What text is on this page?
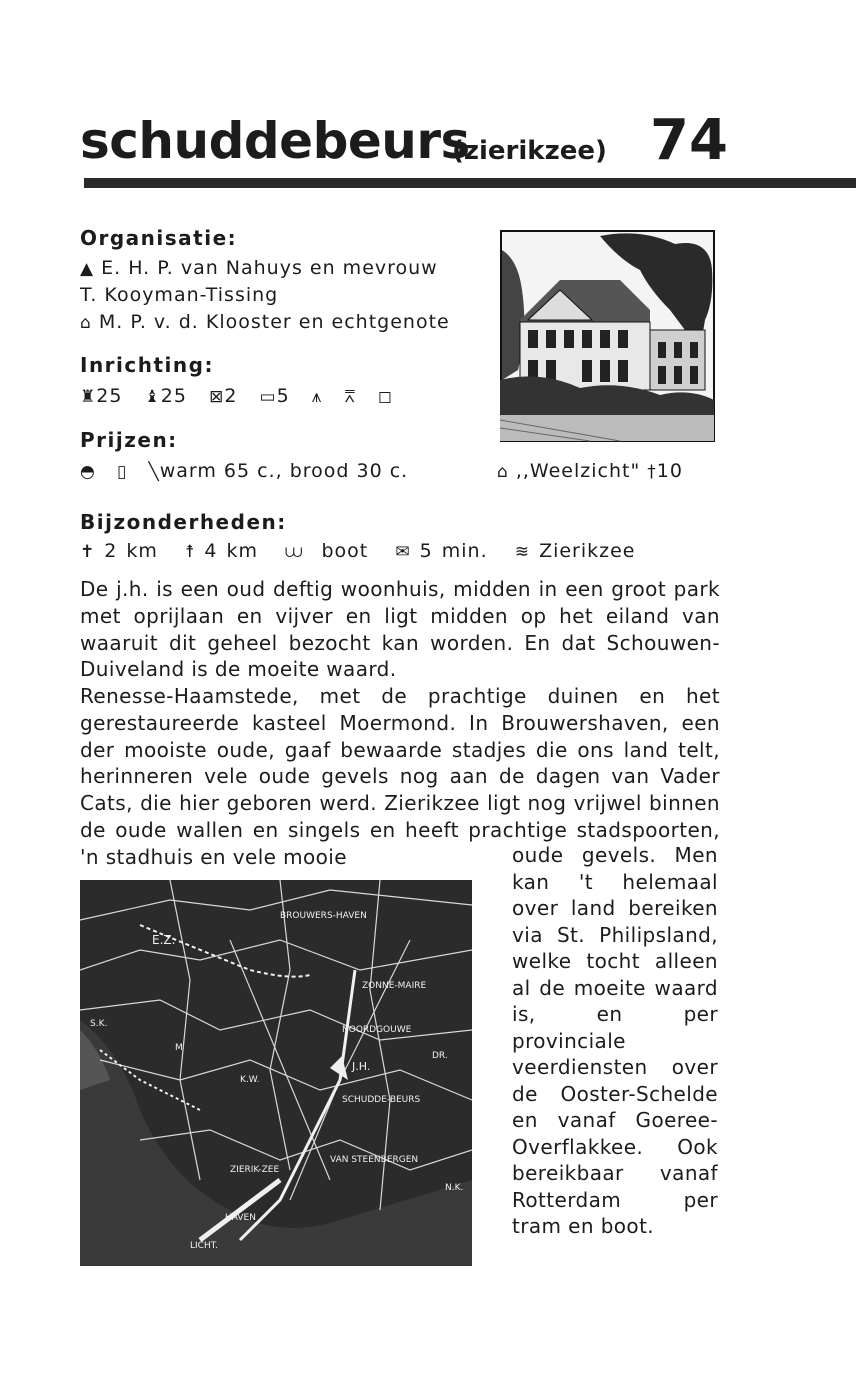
schuddebeurs
(zierikzee) 74
Organisatie:
▲ E. H. P. van Nahuys en mevrouw
T. Kooyman-Tissing
⌂ M. P. v. d. Klooster en echtgenote
Inrichting:
♜25 ♝25 ⊠2 ▭5 ⩚ ⩞ ◻
Prijzen:
◓ ▯ ╲warm 65 c., brood 30 c.	⌂ ,,Weelzicht" †10
Bijzonderheden:
✝ 2 km ☨ 4 km ⩊ boot ✉ 5 min. ≋ Zierikzee
De j.h. is een oud deftig woonhuis, midden in een groot park met oprijlaan en vijver en ligt midden op het eiland van waaruit dit geheel bezocht kan worden. En dat Schouwen-Duiveland is de moeite waard.
Renesse-Haamstede, met de prachtige duinen en het gerestaureerde kasteel Moermond. In Brouwershaven, een der mooiste oude, gaaf bewaarde stadjes die ons land telt, herinneren vele oude gevels nog aan de dagen van Vader Cats, die hier geboren werd. Zierikzee ligt nog vrijwel binnen de oude wallen en singels en heeft prachtige stadspoorten, 'n stadhuis en vele mooie	oude gevels. Men kan 't helemaal over land bereiken via St. Philipsland, welke tocht alleen al de moeite waard is, en per provinciale veerdiensten over de Ooster-Schelde en vanaf Goeree-Overflakkee. Ook bereikbaar vanaf Rotterdam per tram en boot.
BROUWERS-HAVEN
E.Z.
ZONNE-MAIRE
S.K.
M
NOORDGOUWE
DR.
K.W.
J.H.
SCHUDDE-BEURS
ZIERIK-ZEE
VAN STEENBERGEN
N.K.
HAVEN
LICHT.
